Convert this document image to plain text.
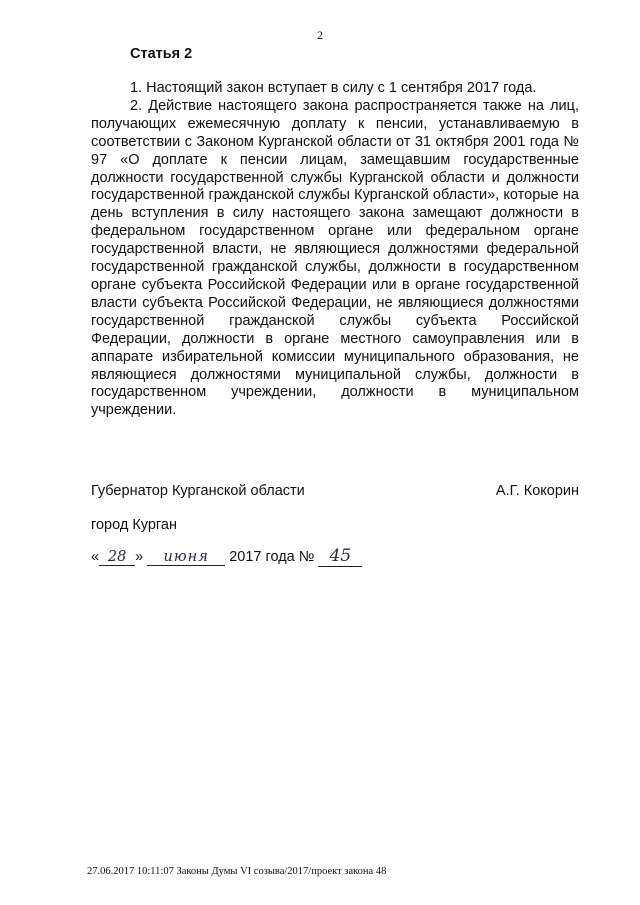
2
Статья 2

1. Настоящий закон вступает в силу с 1 сентября 2017 года.

2. Действие настоящего закона распространяется также на лиц, получающих ежемесячную доплату к пенсии, устанавливаемую в соответствии с Законом Курганской области от 31 октября 2001 года № 97 «О доплате к пенсии лицам, замещавшим государственные должности государственной службы Курганской области и должности государственной гражданской службы Курганской области», которые на день вступления в силу настоящего закона замещают должности в федеральном государственном органе или федеральном органе государственной власти, не являющиеся должностями федеральной государственной гражданской службы, должности в государственном органе субъекта Российской Федерации или в органе государственной власти субъекта Российской Федерации, не являющиеся должностями государственной гражданской службы субъекта Российской Федерации, должности в органе местного самоуправления или в аппарате избирательной комиссии муниципального образования, не являющиеся должностями муниципальной службы, должности в государственном учреждении, должности в муниципальном учреждении.

Губернатор Курганской области	А.Г. Кокорин
город Курган
« 28 » июня 2017 года № 45
27.06.2017 10:11:07 Законы Думы VI созыва/2017/проект закона 48
